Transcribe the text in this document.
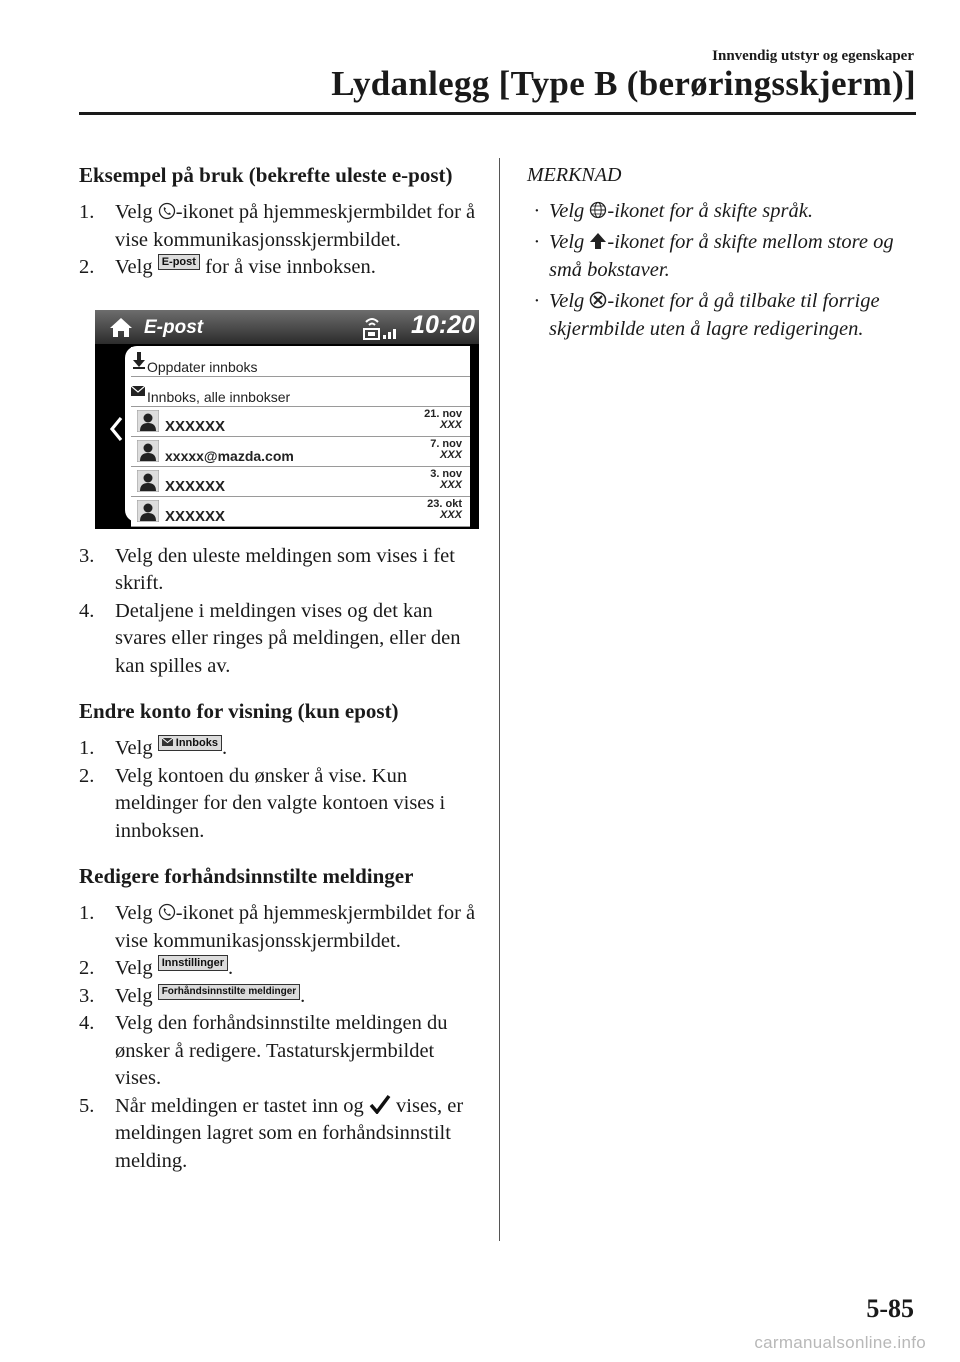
Innvendig utstyr og egenskaper
Lydanlegg [Type B (berøringsskjerm)]
Eksempel på bruk (bekrefte uleste e-post)

1. Velg -ikonet på hjemmeskjermbildet for å vise kommunikasjonsskjermbildet.

2. Velg E-post for å vise innboksen.

E-post	10:20
Oppdater innboks
Innboks, alle innbokser
XXXXXX
21. nov
XXX
xxxxx@mazda.com
7. nov
XXX
XXXXXX
3. nov
XXX
XXXXXX
23. okt
XXX

3. Velg den uleste meldingen som vises i fet skrift.

4. Detaljene i meldingen vises og det kan svares eller ringes på meldingen, eller den kan spilles av.

Endre konto for visning (kun epost)

1. Velg Innboks .

2. Velg kontoen du ønsker å vise. Kun meldinger for den valgte kontoen vises i innboksen.

Redigere forhåndsinnstilte meldinger

1. Velg -ikonet på hjemmeskjermbildet for å vise kommunikasjonsskjermbildet.

2. Velg Innstillinger .

3. Velg Forhåndsinnstilte meldinger .

4. Velg den forhåndsinnstilte meldingen du ønsker å redigere. Tastaturskjermbildet vises.

5. Når meldingen er tastet inn og vises, er meldingen lagret som en forhåndsinnstilt melding.

MERKNAD

· Velg -ikonet for å skifte språk.

· Velg -ikonet for å skifte mellom store og små bokstaver.

· Velg -ikonet for å gå tilbake til forrige skjermbilde uten å lagre redigeringen.

5-85
carmanualsonline.info
